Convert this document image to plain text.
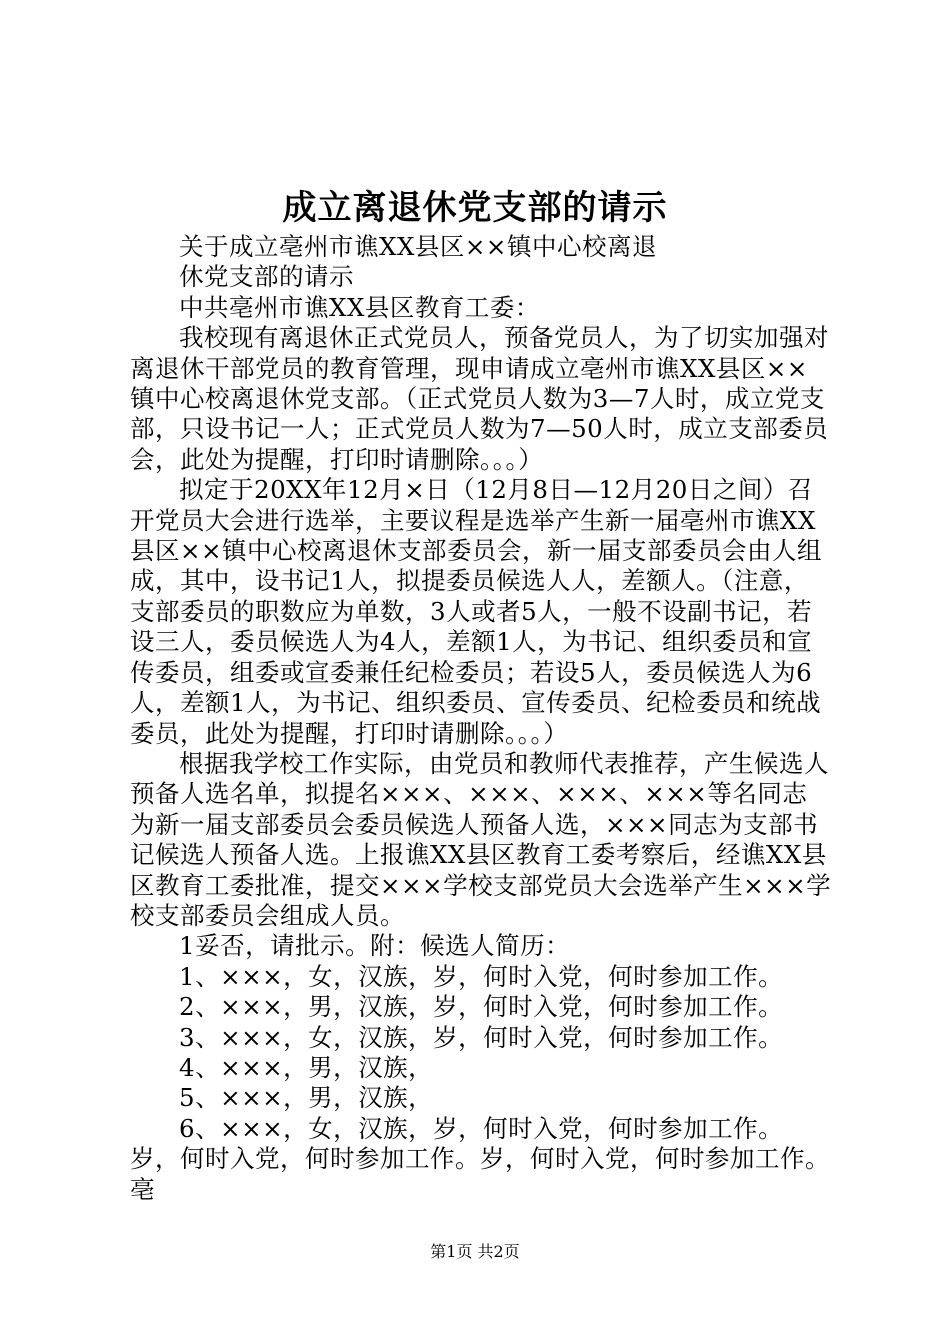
成立离退休党支部的请示

关于成立亳州市谯XX县区××镇中心校离退

休党支部的请示

中共亳州市谯XX县区教育工委：

我校现有离退休正式党员人，预备党员人，为了切实加强对离退休干部党员的教育管理，现申请成立亳州市谯XX县区××镇中心校离退休党支部。（正式党员人数为3—7人时，成立党支部，只设书记一人；正式党员人数为7—50人时，成立支部委员会，此处为提醒，打印时请删除。。。）

拟定于20XX年12月×日（12月8日—12月20日之间）召开党员大会进行选举，主要议程是选举产生新一届亳州市谯XX县区××镇中心校离退休支部委员会，新一届支部委员会由人组成，其中，设书记1人，拟提委员候选人人，差额人。（注意，支部委员的职数应为单数，3人或者5人，一般不设副书记，若设三人，委员候选人为4人，差额1人，为书记、组织委员和宣传委员，组委或宣委兼任纪检委员；若设5人，委员候选人为6人，差额1人，为书记、组织委员、宣传委员、纪检委员和统战委员，此处为提醒，打印时请删除。。。）

根据我学校工作实际，由党员和教师代表推荐，产生候选人预备人选名单，拟提名×××、×××、×××、×××等名同志为新一届支部委员会委员候选人预备人选，×××同志为支部书记候选人预备人选。上报谯XX县区教育工委考察后，经谯XX县区教育工委批准，提交×××学校支部党员大会选举产生×××学校支部委员会组成人员。

1妥否，请批示。附：候选人简历：

1、×××，女，汉族，岁，何时入党，何时参加工作。

2、×××，男，汉族，岁，何时入党，何时参加工作。

3、×××，女，汉族，岁，何时入党，何时参加工作。

4、×××，男，汉族，

5、×××，男，汉族，

6、×××，女，汉族，岁，何时入党，何时参加工作。岁，何时入党，何时参加工作。岁，何时入党，何时参加工作。亳

第1页 共2页
